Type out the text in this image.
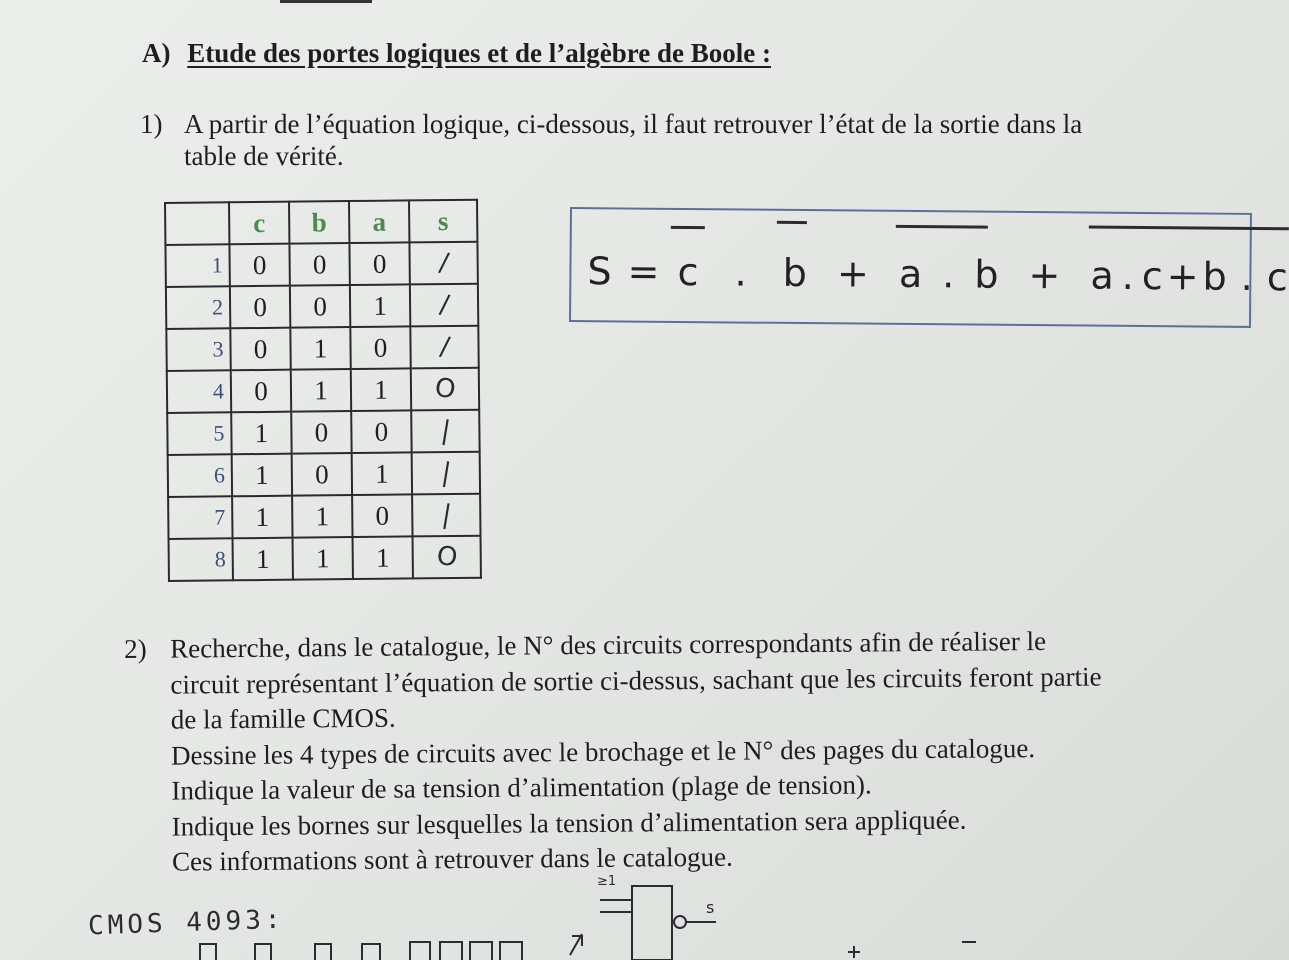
A) Etude des portes logiques et de l’algèbre de Boole :
1) A partir de l’équation logique, ci-dessous, il faut retrouver l’état de la sortie dans la
table de vérité.
	c	b	a	s
1	0	0	0	/
2	0	0	1	/
3	0	1	0	/
4	0	1	1	O
5	1	0	0	|
6	1	0	1	|
7	1	1	0	|
8	1	1	1	O
S = c . b + a . b + a . c+b . c
2) Recherche, dans le catalogue, le N° des circuits correspondants afin de réaliser le
circuit représentant l’équation de sortie ci-dessus, sachant que les circuits feront partie
de la famille CMOS.
Dessine les 4 types de circuits avec le brochage et le N° des pages du catalogue.
Indique la valeur de sa tension d’alimentation (plage de tension).
Indique les bornes sur lesquelles la tension d’alimentation sera appliquée.
Ces informations sont à retrouver dans le catalogue.
CMOS 4093:
≥1
s
